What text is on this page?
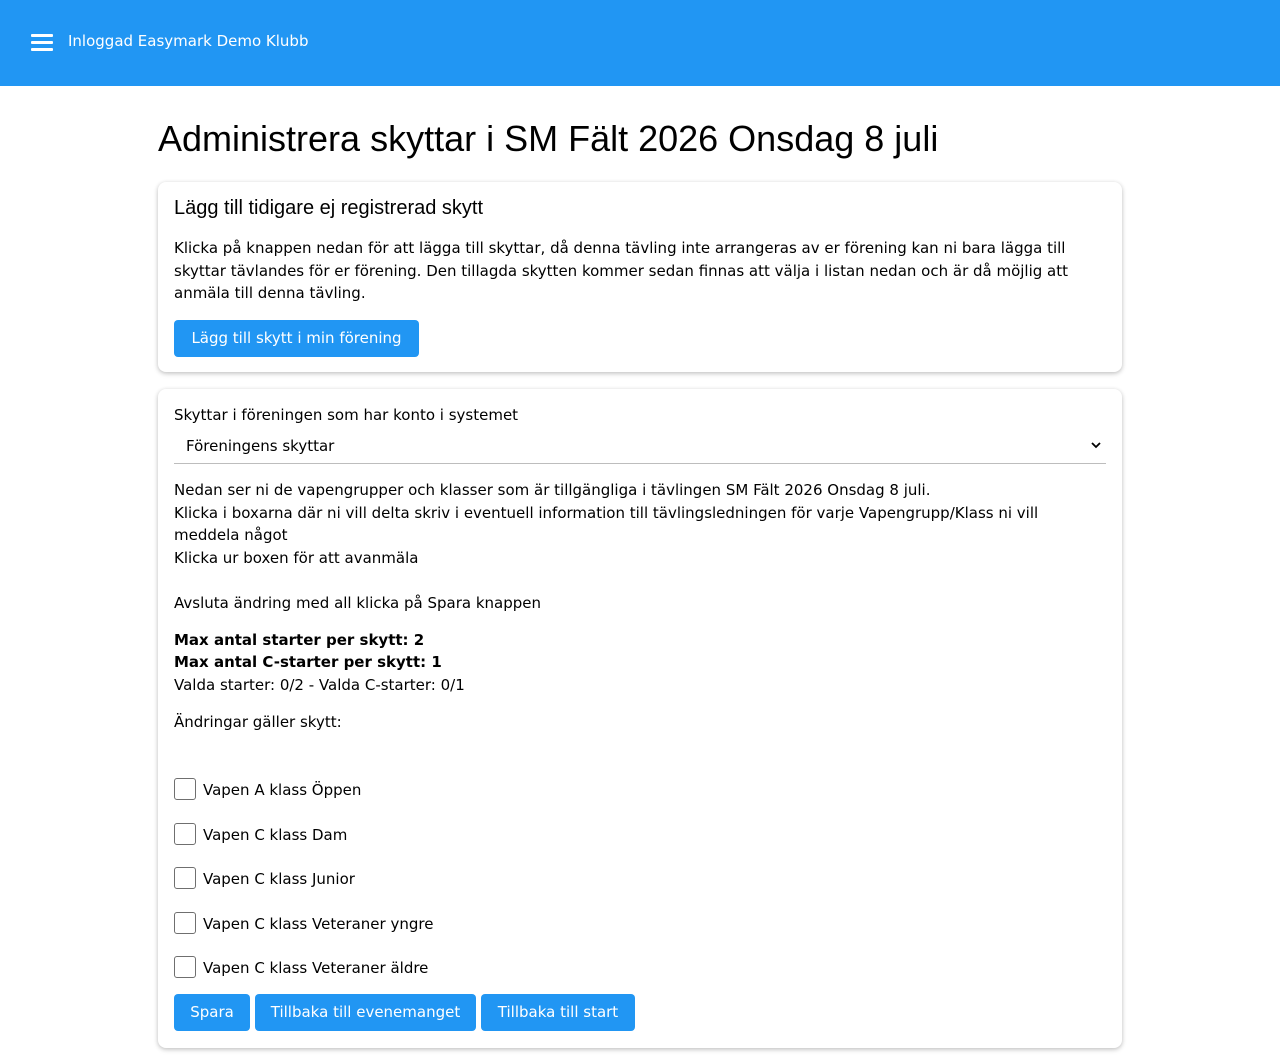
Inloggad Easymark Demo Klubb
Administrera skyttar i SM Fält 2026 Onsdag 8 juli
Lägg till tidigare ej registrerad skytt

Klicka på knappen nedan för att lägga till skyttar, då denna tävling inte arrangeras av er förening kan ni bara lägga till skyttar tävlandes för er förening. Den tillagda skytten kommer sedan finnas att välja i listan nedan och är då möjlig att anmäla till denna tävling.

Lägg till skytt i min förening
Skyttar i föreningen som har konto i systemet
Föreningens skyttar

Nedan ser ni de vapengrupper och klasser som är tillgängliga i tävlingen SM Fält 2026 Onsdag 8 juli.

Klicka i boxarna där ni vill delta skriv i eventuell information till tävlingsledningen för varje Vapengrupp/Klass ni vill meddela något

Klicka ur boxen för att avanmäla

Avsluta ändring med all klicka på Spara knappen

Max antal starter per skytt: 2
Max antal C-starter per skytt: 1
Valda starter: 0/2 - Valda C-starter: 0/1
Ändringar gäller skytt:
Vapen A klass Öppen
Vapen C klass Dam
Vapen C klass Junior
Vapen C klass Veteraner yngre
Vapen C klass Veteraner äldre
Spara	Tillbaka till evenemanget	Tillbaka till start
